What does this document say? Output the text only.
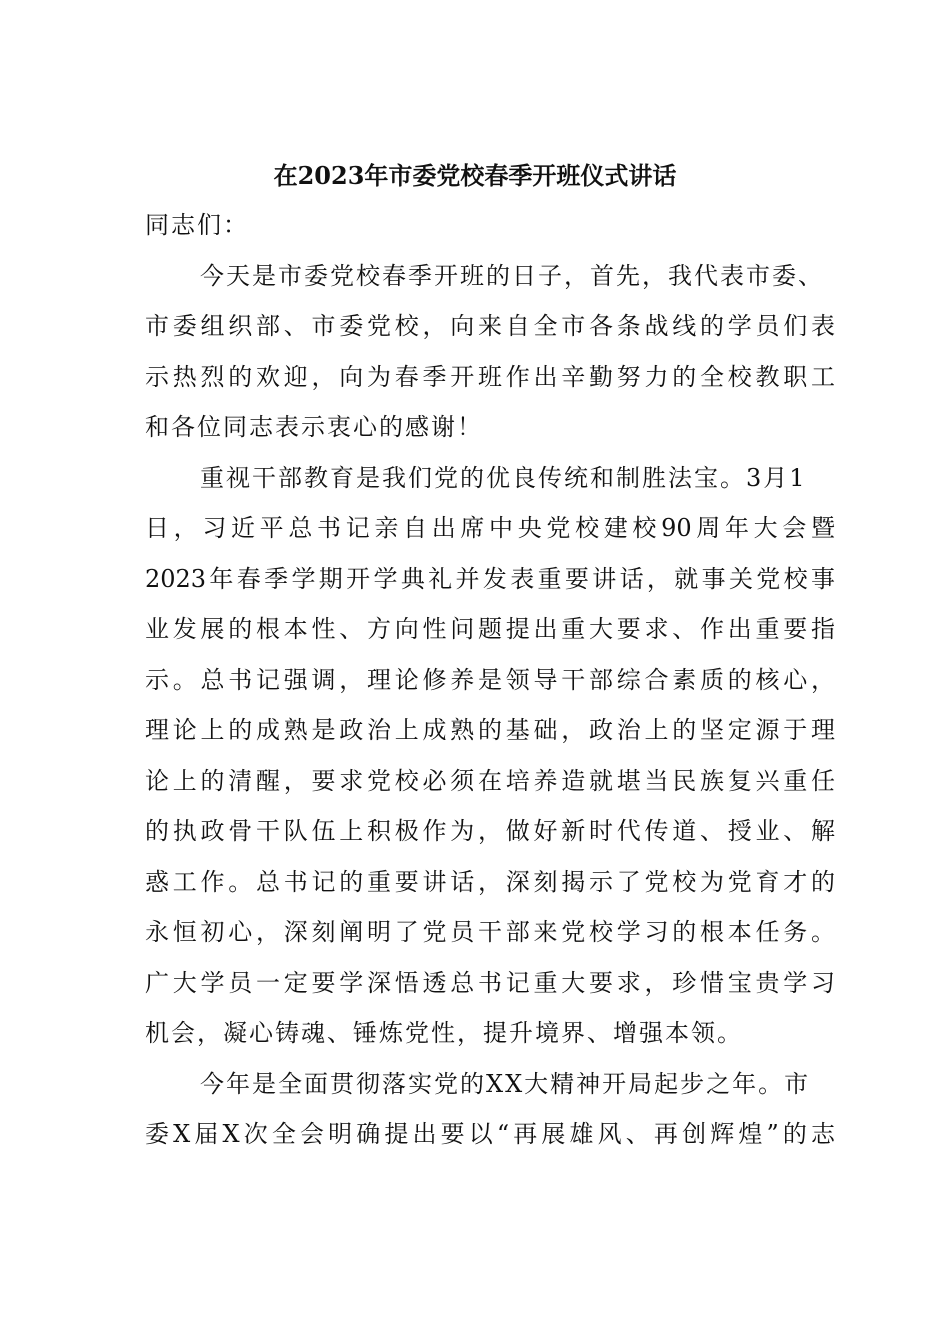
在2023年市委党校春季开班仪式讲话
同志们：
今天是市委党校春季开班的日子，首先，我代表市委、
市委组织部、市委党校，向来自全市各条战线的学员们表
示热烈的欢迎，向为春季开班作出辛勤努力的全校教职工
和各位同志表示衷心的感谢！
重视干部教育是我们党的优良传统和制胜法宝。3月1
日，习近平总书记亲自出席中央党校建校90周年大会暨
2023年春季学期开学典礼并发表重要讲话，就事关党校事
业发展的根本性、方向性问题提出重大要求、作出重要指
示。总书记强调，理论修养是领导干部综合素质的核心，
理论上的成熟是政治上成熟的基础，政治上的坚定源于理
论上的清醒，要求党校必须在培养造就堪当民族复兴重任
的执政骨干队伍上积极作为，做好新时代传道、授业、解
惑工作。总书记的重要讲话，深刻揭示了党校为党育才的
永恒初心，深刻阐明了党员干部来党校学习的根本任务。
广大学员一定要学深悟透总书记重大要求，珍惜宝贵学习
机会，凝心铸魂、锤炼党性，提升境界、增强本领。
今年是全面贯彻落实党的XX大精神开局起步之年。市
委X届X次全会明确提出要以“再展雄风、再创辉煌”的志
